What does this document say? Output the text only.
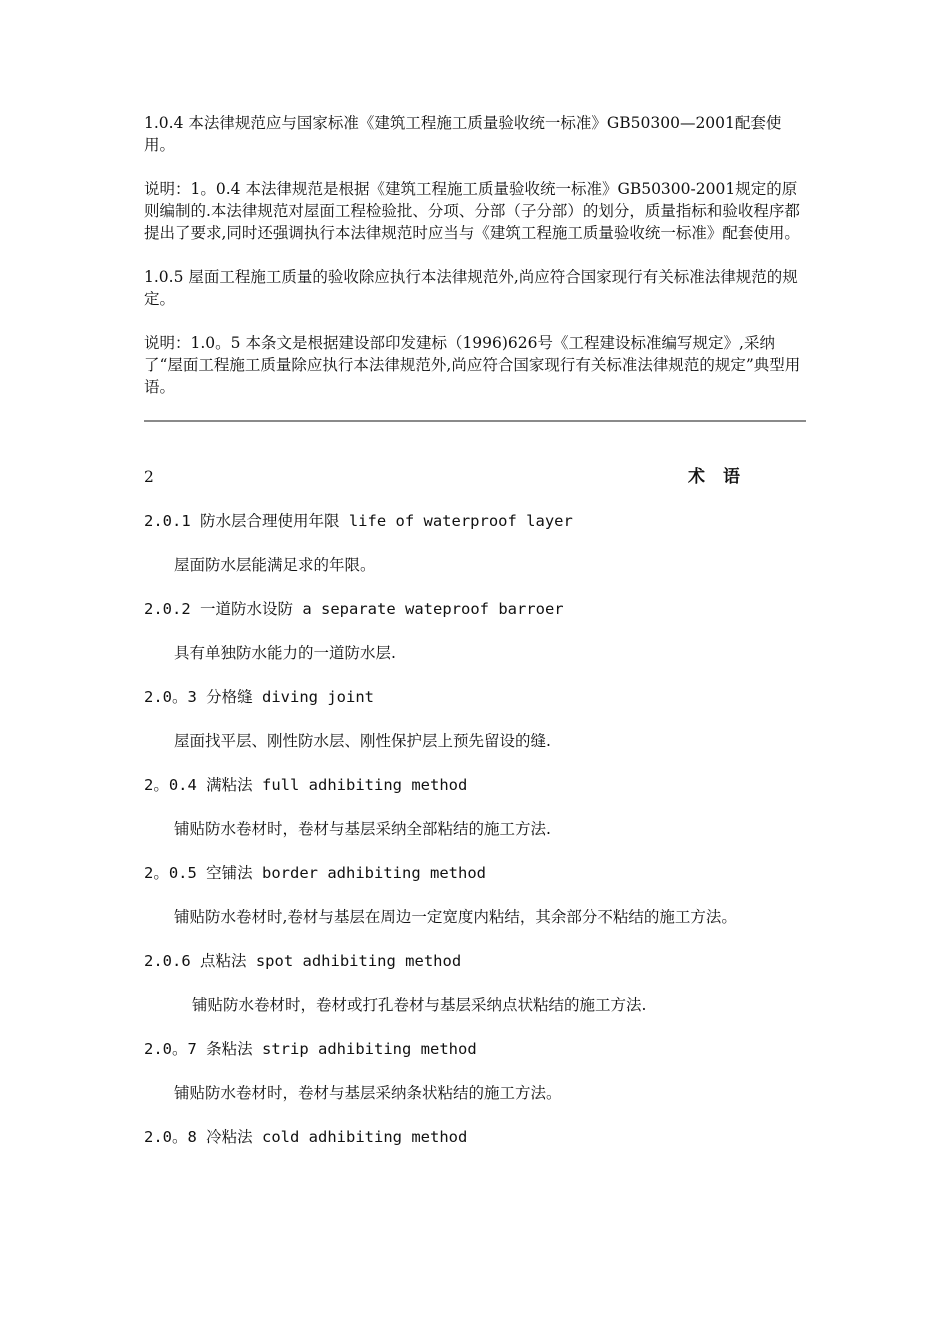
1.0.4 本法律规范应与国家标准《建筑工程施工质量验收统一标准》GB50300—2001配套使用。

说明：1。0.4 本法律规范是根据《建筑工程施工质量验收统一标准》GB50300-2001规定的原则编制的.本法律规范对屋面工程检验批、分项、分部（子分部）的划分，质量指标和验收程序都提出了要求,同时还强调执行本法律规范时应当与《建筑工程施工质量验收统一标准》配套使用。

1.0.5 屋面工程施工质量的验收除应执行本法律规范外,尚应符合国家现行有关标准法律规范的规定。

说明：1.0。5 本条文是根据建设部印发建标（1996)626号《工程建设标准编写规定》,采纳了“屋面工程施工质量除应执行本法律规范外,尚应符合国家现行有关标准法律规范的规定”典型用语。

2	术语
2.0.1 防水层合理使用年限 life of waterproof layer

屋面防水层能满足求的年限。

2.0.2 一道防水设防 a separate wateproof barroer

具有单独防水能力的一道防水层.

2.0。3 分格缝 diving joint

屋面找平层、刚性防水层、刚性保护层上预先留设的缝.

2。0.4 满粘法 full adhibiting method

铺贴防水卷材时，卷材与基层采纳全部粘结的施工方法.

2。0.5 空铺法 border adhibiting method

铺贴防水卷材时,卷材与基层在周边一定宽度内粘结，其余部分不粘结的施工方法。

2.0.6 点粘法 spot adhibiting method

铺贴防水卷材时，卷材或打孔卷材与基层采纳点状粘结的施工方法.

2.0。7 条粘法 strip adhibiting method

铺贴防水卷材时，卷材与基层采纳条状粘结的施工方法。

2.0。8 冷粘法 cold adhibiting method
